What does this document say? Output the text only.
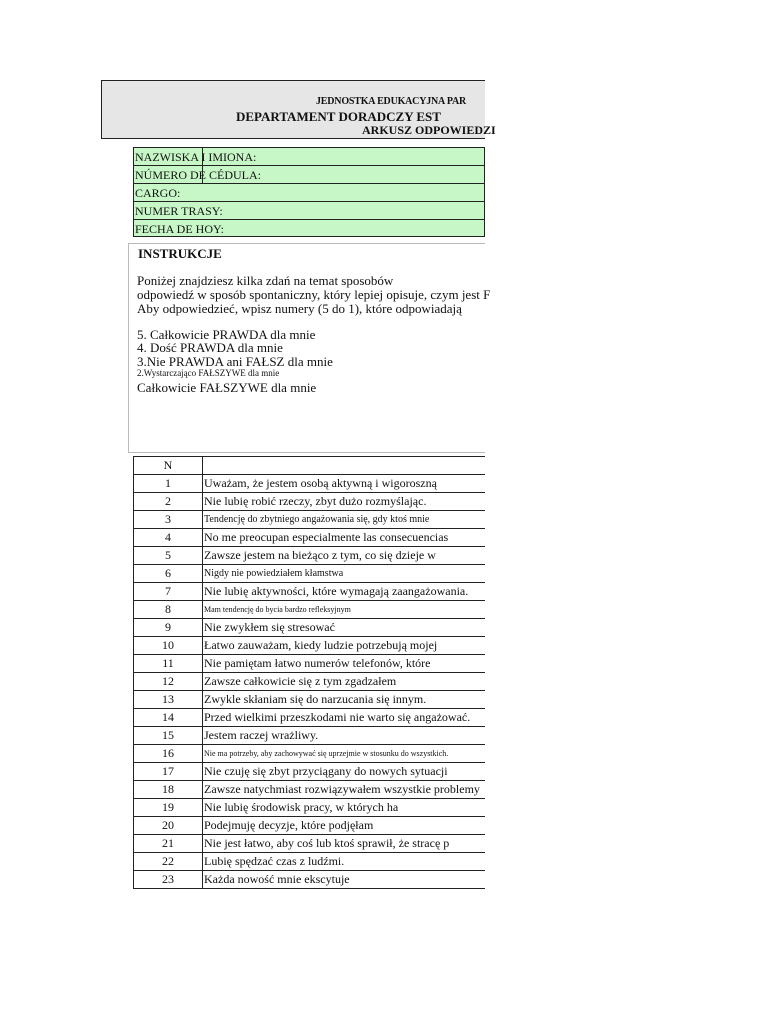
JEDNOSTKA EDUKACYJNA PAR
DEPARTAMENT DORADCZY EST
ARKUSZ ODPOWIEDZI
NAZWISKA I IMIONA:
NÚMERO DE CÉDULA:
CARGO:
NUMER TRASY:
FECHA DE HOY:
INSTRUKCJE
Poniżej znajdziesz kilka zdań na temat sposobów
odpowiedź w sposób spontaniczny, który lepiej opisuje, czym jest F
Aby odpowiedzieć, wpisz numery (5 do 1), które odpowiadają
5. Całkowicie PRAWDA dla mnie
4. Dość PRAWDA dla mnie
3.Nie PRAWDA ani FAŁSZ dla mnie
2.Wystarczająco FAŁSZYWE dla mnie
Całkowicie FAŁSZYWE dla mnie
N	
1	Uważam, że jestem osobą aktywną i wigoroszną
2	Nie lubię robić rzeczy, zbyt dużo rozmyślając.
3	Tendencję do zbytniego angażowania się, gdy ktoś mnie
4	No me preocupan especialmente las consecuencias
5	Zawsze jestem na bieżąco z tym, co się dzieje w
6	Nigdy nie powiedziałem kłamstwa
7	Nie lubię aktywności, które wymagają zaangażowania.
8	Mam tendencję do bycia bardzo refleksyjnym
9	Nie zwykłem się stresować
10	Łatwo zauważam, kiedy ludzie potrzebują mojej
11	Nie pamiętam łatwo numerów telefonów, które
12	Zawsze całkowicie się z tym zgadzałem
13	Zwykle skłaniam się do narzucania się innym.
14	Przed wielkimi przeszkodami nie warto się angażować.
15	Jestem raczej wrażliwy.
16	Nie ma potrzeby, aby zachowywać się uprzejmie w stosunku do wszystkich.
17	Nie czuję się zbyt przyciągany do nowych sytuacji
18	Zawsze natychmiast rozwiązywałem wszystkie problemy
19	Nie lubię środowisk pracy, w których ha
20	Podejmuję decyzje, które podjęłam
21	Nie jest łatwo, aby coś lub ktoś sprawił, że stracę p
22	Lubię spędzać czas z ludźmi.
23	Każda nowość mnie ekscytuje
